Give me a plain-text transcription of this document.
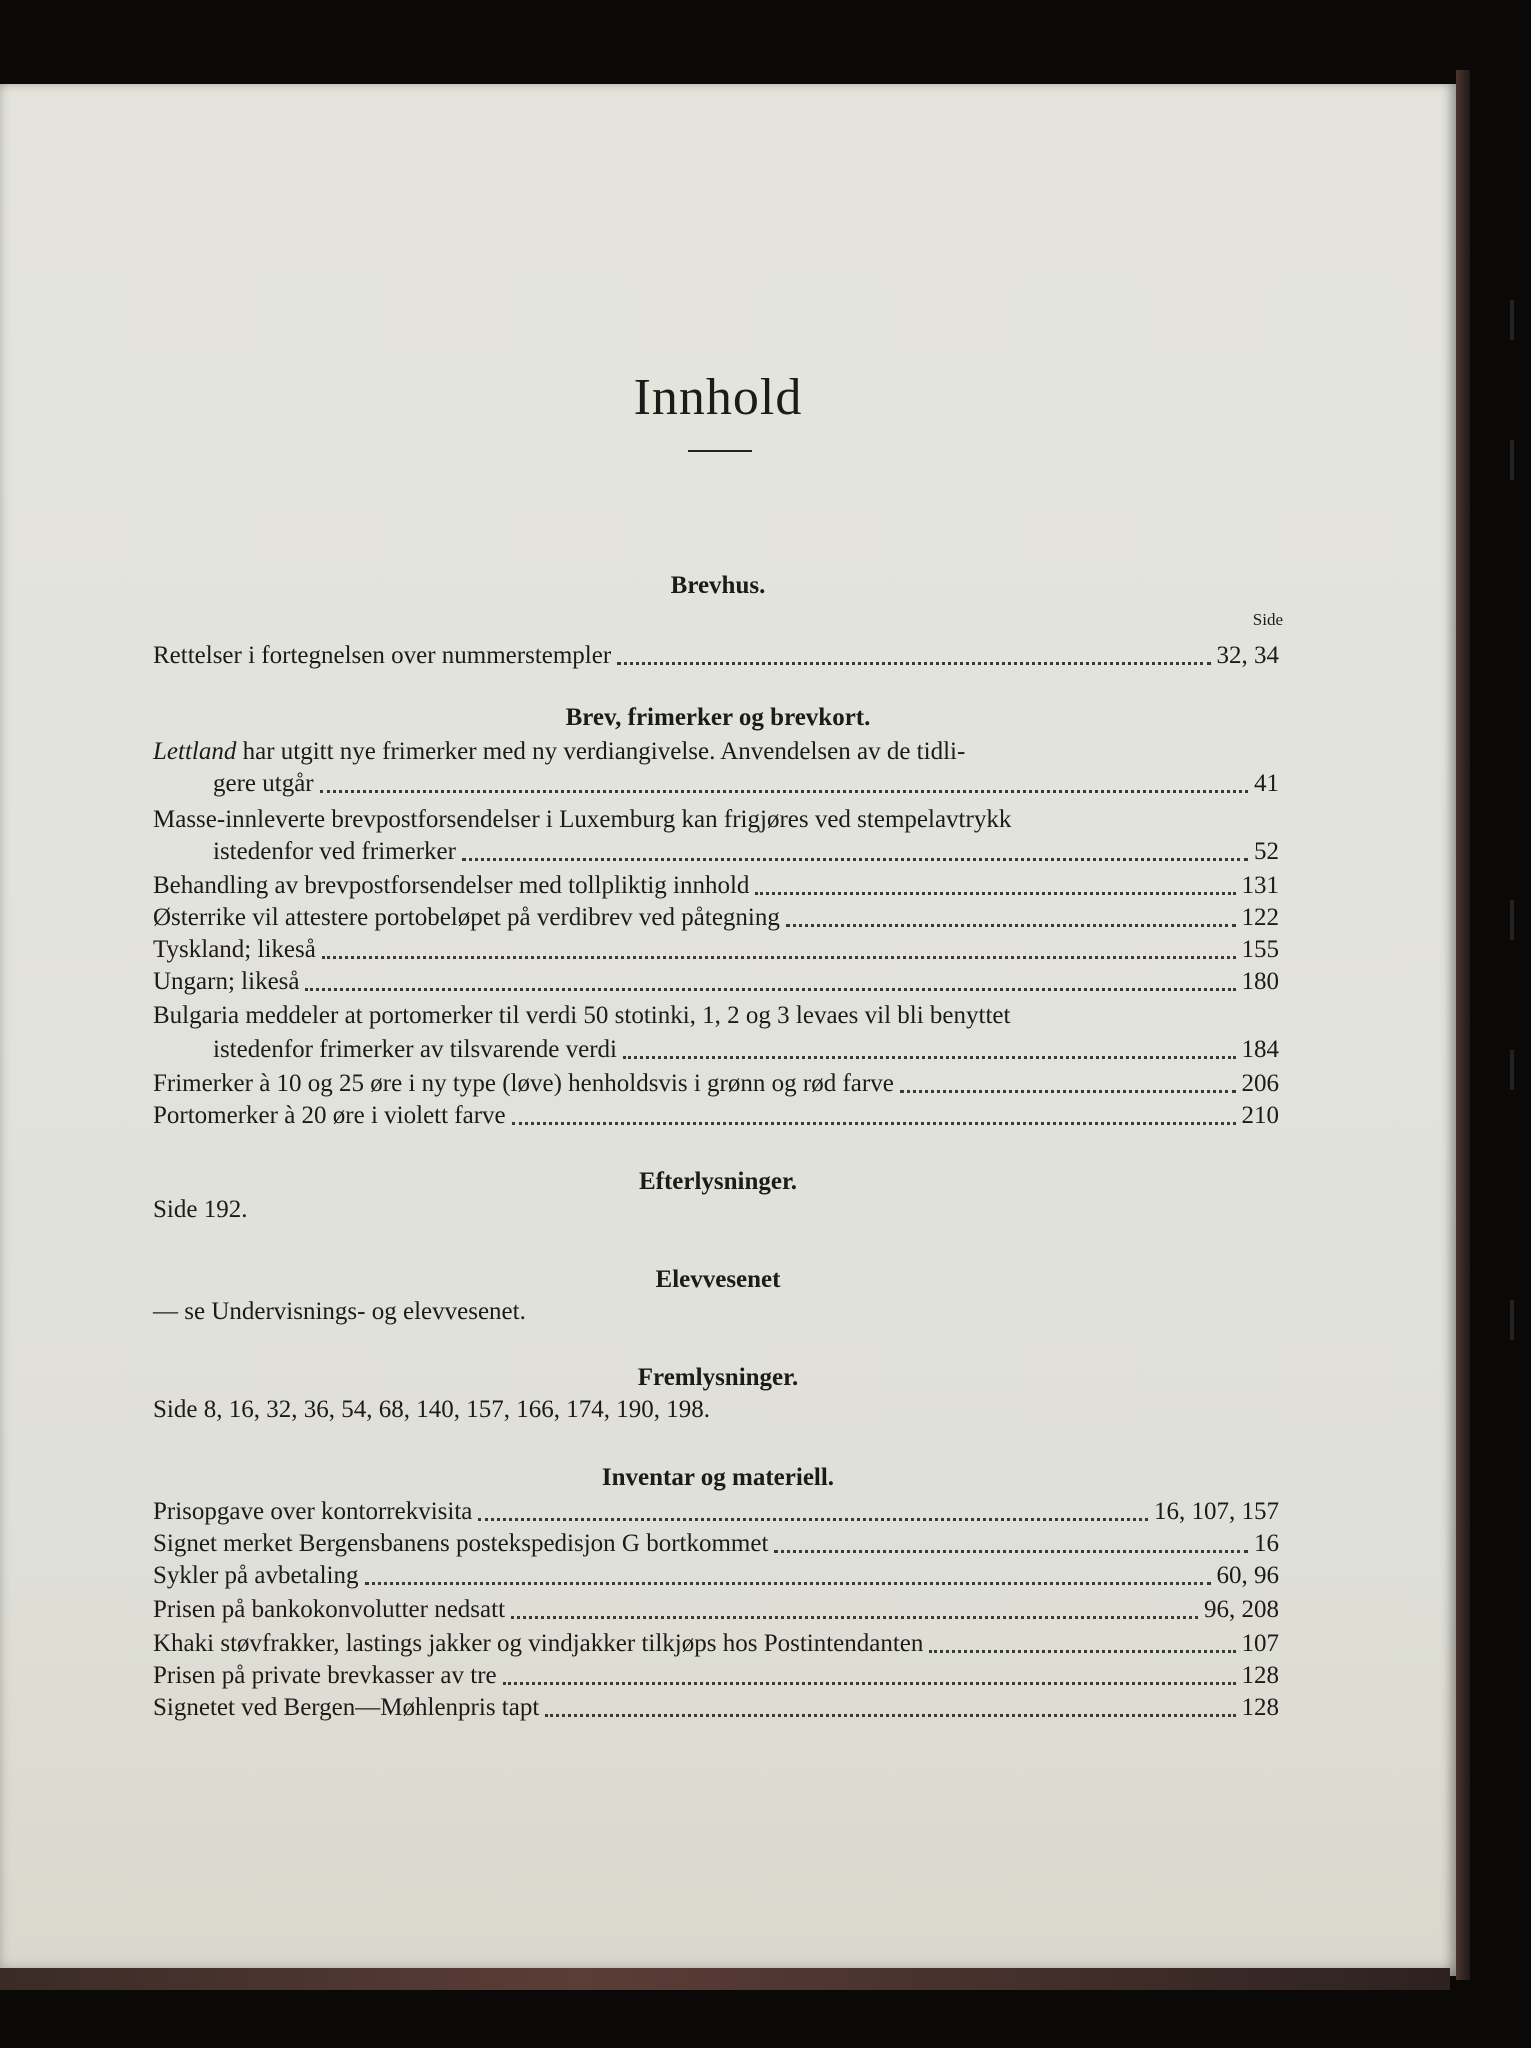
Innhold
Brevhus.
Side
Rettelser i fortegnelsen over nummerstempler	32, 34
Brev, frimerker og brevkort.
Lettland har utgitt nye frimerker med ny verdiangivelse. Anvendelsen av de tidli-
gere utgår	41
Masse-innleverte brevpostforsendelser i Luxemburg kan frigjøres ved stempelavtrykk
istedenfor ved frimerker	52
Behandling av brevpostforsendelser med tollpliktig innhold	131
Østerrike vil attestere portobeløpet på verdibrev ved påtegning	122
Tyskland; likeså	155
Ungarn; likeså	180
Bulgaria meddeler at portomerker til verdi 50 stotinki, 1, 2 og 3 levaes vil bli benyttet
istedenfor frimerker av tilsvarende verdi	184
Frimerker à 10 og 25 øre i ny type (løve) henholdsvis i grønn og rød farve	206
Portomerker à 20 øre i violett farve	210
Efterlysninger.
Side 192.
Elevvesenet
— se Undervisnings- og elevvesenet.
Fremlysninger.
Side 8, 16, 32, 36, 54, 68, 140, 157, 166, 174, 190, 198.
Inventar og materiell.
Prisopgave over kontorrekvisita	16, 107, 157
Signet merket Bergensbanens postekspedisjon G bortkommet	16
Sykler på avbetaling	60, 96
Prisen på bankokonvolutter nedsatt	96, 208
Khaki støvfrakker, lastings jakker og vindjakker tilkjøps hos Postintendanten	107
Prisen på private brevkasser av tre	128
Signetet ved Bergen—Møhlenpris tapt	128
